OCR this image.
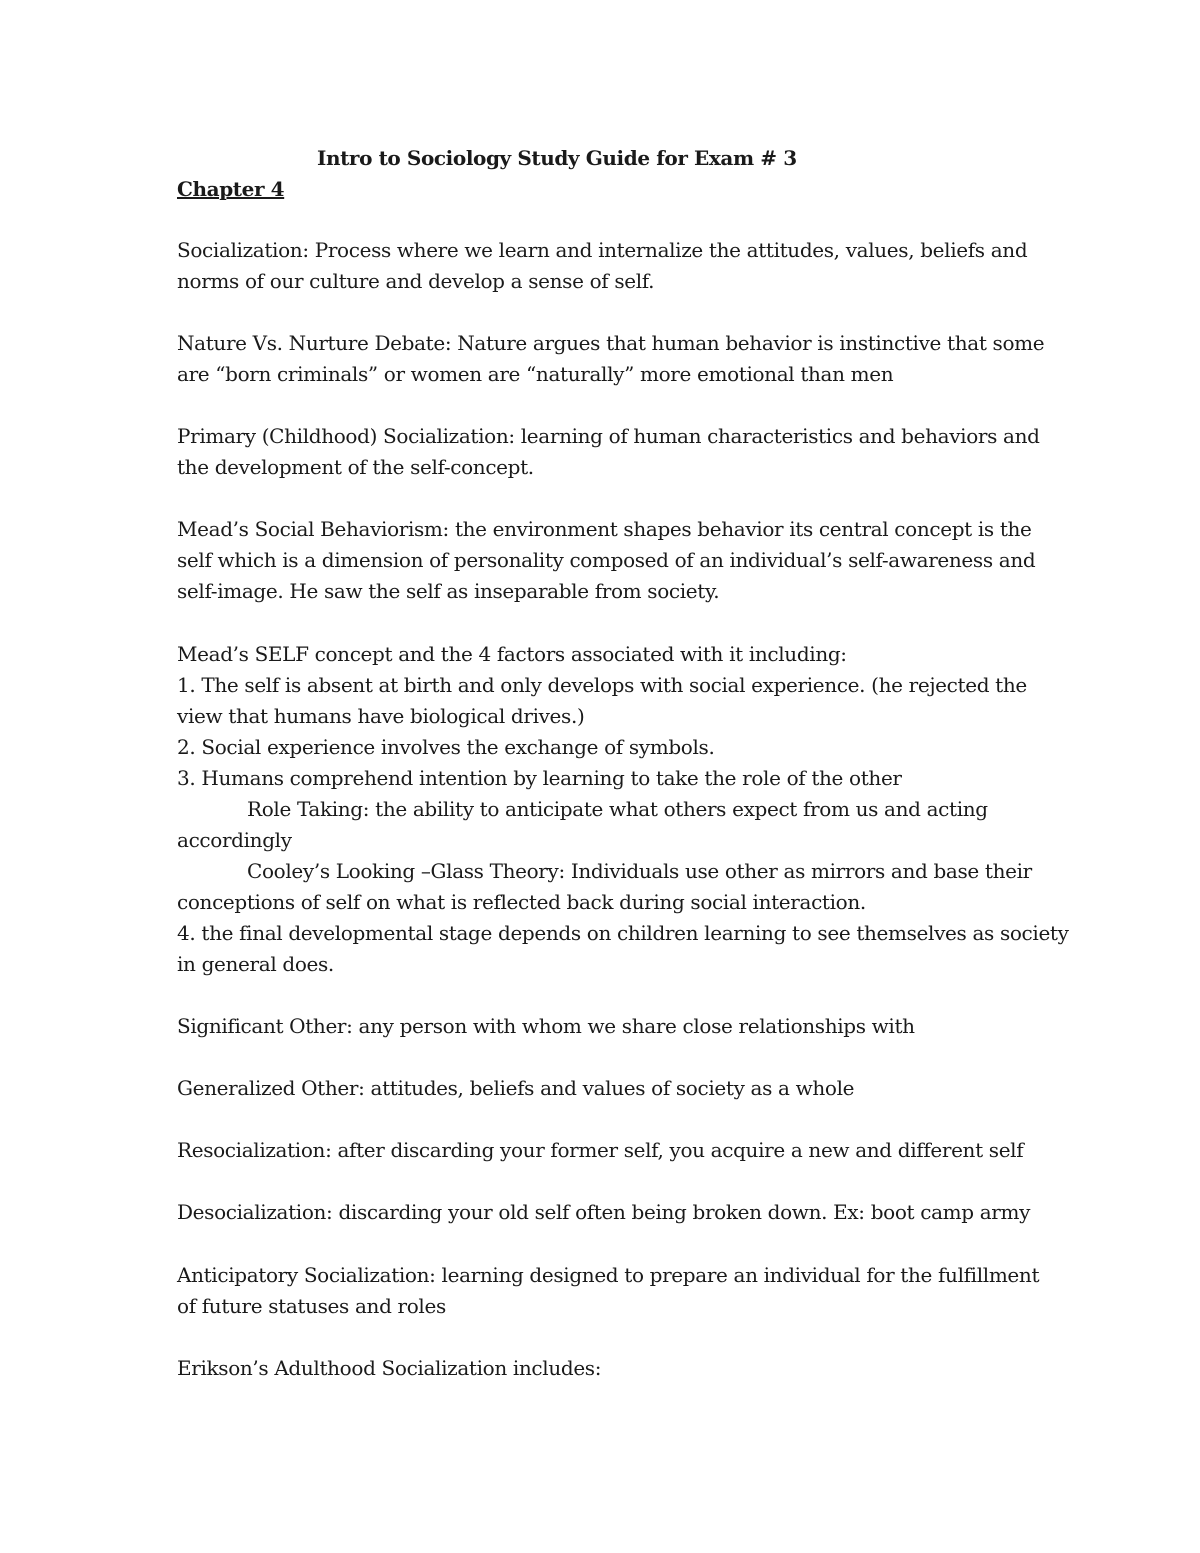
Intro to Sociology Study Guide for Exam # 3
Chapter 4
Socialization: Process where we learn and internalize the attitudes, values, beliefs and
norms of our culture and develop a sense of self.
Nature Vs. Nurture Debate: Nature argues that human behavior is instinctive that some
are “born criminals” or women are “naturally” more emotional than men
Primary (Childhood) Socialization: learning of human characteristics and behaviors and
the development of the self-concept.
Mead’s Social Behaviorism: the environment shapes behavior its central concept is the
self which is a dimension of personality composed of an individual’s self-awareness and
self-image. He saw the self as inseparable from society.
Mead’s SELF concept and the 4 factors associated with it including:
1. The self is absent at birth and only develops with social experience. (he rejected the
view that humans have biological drives.)
2. Social experience involves the exchange of symbols.
3. Humans comprehend intention by learning to take the role of the other
Role Taking: the ability to anticipate what others expect from us and acting
accordingly
Cooley’s Looking –Glass Theory: Individuals use other as mirrors and base their
conceptions of self on what is reflected back during social interaction.
4. the final developmental stage depends on children learning to see themselves as society
in general does.
Significant Other: any person with whom we share close relationships with
Generalized Other: attitudes, beliefs and values of society as a whole
Resocialization: after discarding your former self, you acquire a new and different self
Desocialization: discarding your old self often being broken down. Ex: boot camp army
Anticipatory Socialization: learning designed to prepare an individual for the fulfillment
of future statuses and roles
Erikson’s Adulthood Socialization includes:
